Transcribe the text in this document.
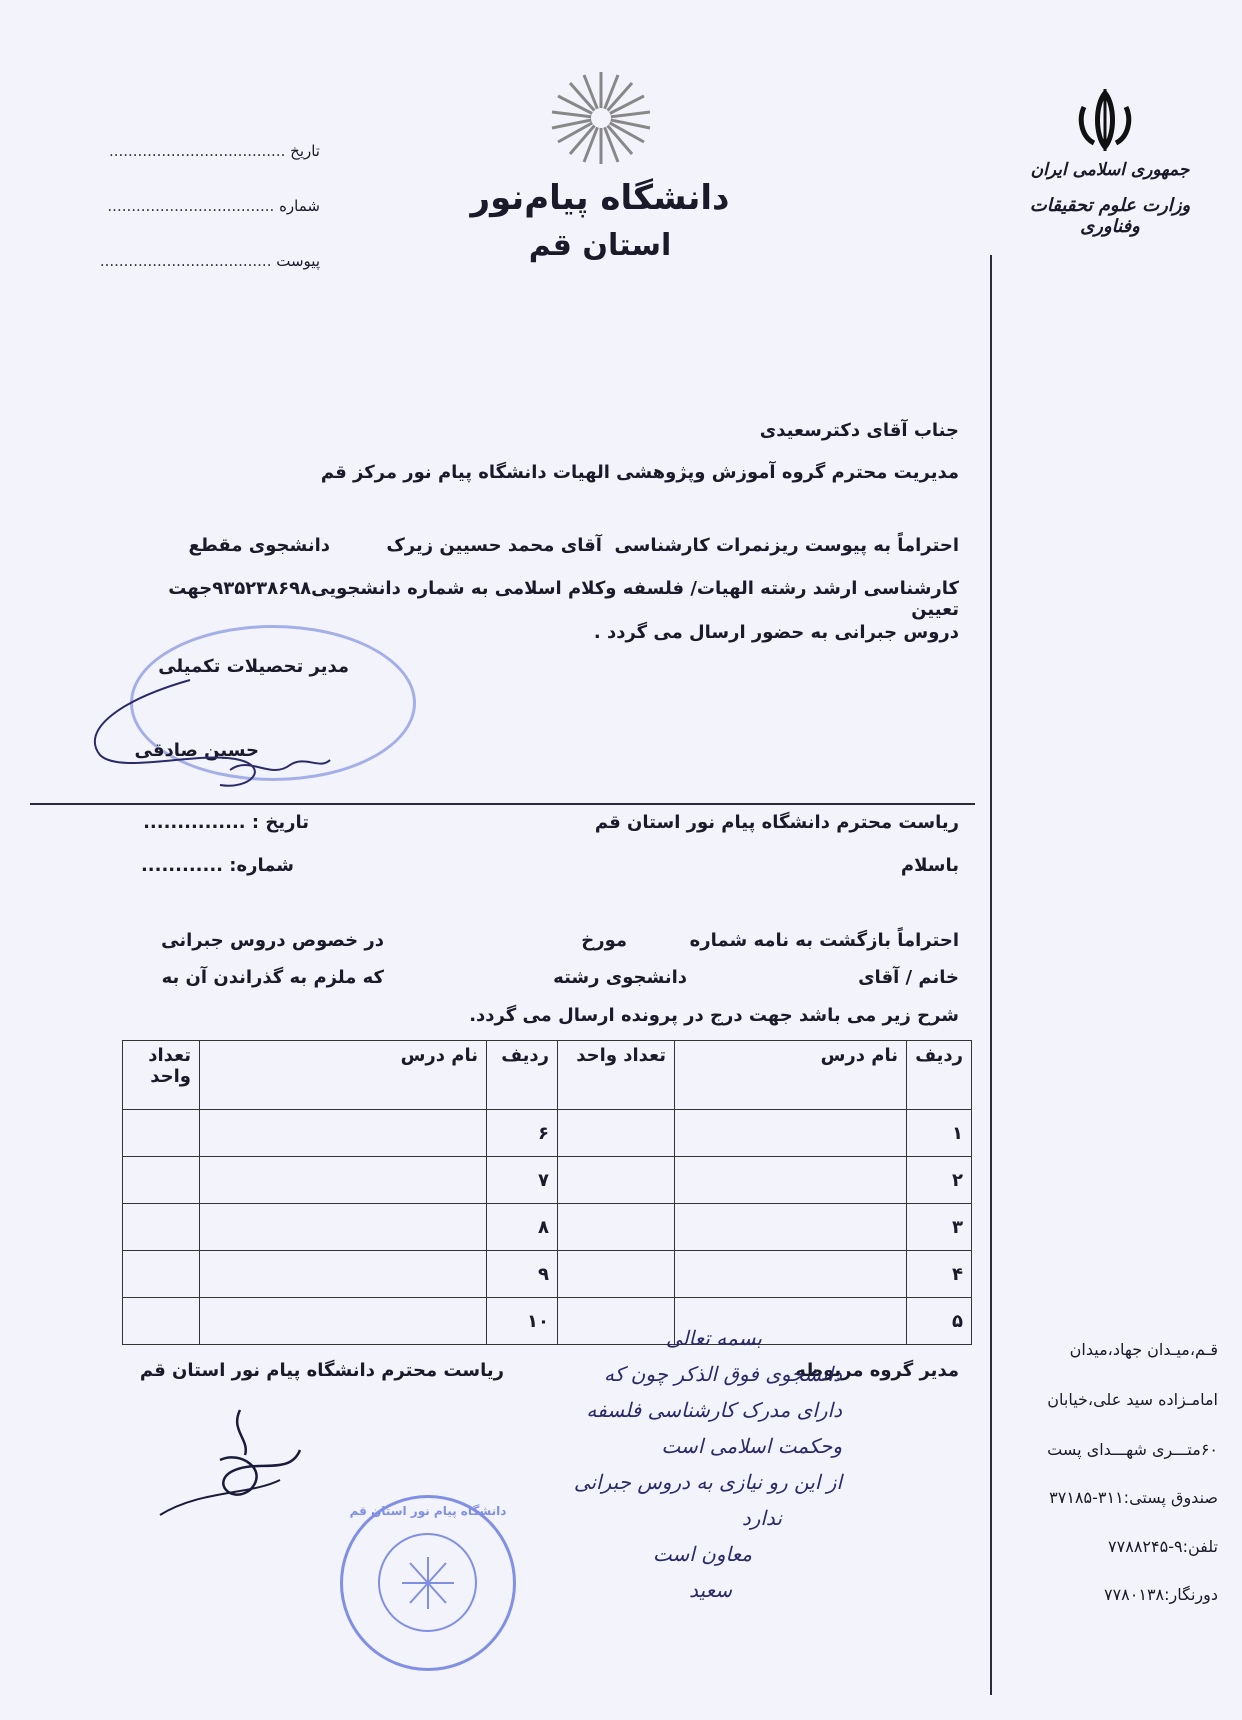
جمهوری اسلامی ایران
وزارت علوم تحقیقات وفناوری
دانشگاه پیام‌نور
استان قم
تاریخ .....................................
شماره ...................................
پیوست ....................................
جناب آقای دکترسعیدی
مدیریت محترم گروه آموزش وپژوهشی الهیات دانشگاه پیام نور مرکز قم
احتراماً به پیوست ریزنمرات کارشناسی  آقای محمد حسیین زیرک         دانشجوی مقطع
کارشناسی ارشد رشته الهیات/ فلسفه وکلام اسلامی به شماره دانشجویی۹۳۵۲۳۸۶۹۸جهت تعیین
دروس جبرانی به حضور ارسال می گردد .
مدیر تحصیلات تکمیلی
حسین صادقی
ریاست محترم دانشگاه پیام نور استان قم
تاریخ : ...............
باسلام
شماره: ............
احتراماً بازگشت به نامه شماره
مورخ
در خصوص دروس جبرانی
خانم / آقای
دانشجوی رشته
که ملزم به گذراندن آن به
شرح زیر می باشد جهت درج در پرونده ارسال می گردد.
ردیف	نام درس	تعداد واحد	ردیف	نام درس	تعداد واحد
۱			۶		
۲			۷		
۳			۸		
۴			۹		
۵			۱۰		
مدیر گروه مربوطه
ریاست محترم دانشگاه پیام نور استان قم
بسمه تعالی
دانشجوی فوق الذکر چون که
دارای مدرک کارشناسی فلسفه
وحکمت اسلامی است
از این رو نیازی به دروس جبرانی
ندارد
معاون است
سعید
دانشگاه پیام نور استان قم
قـم،میـدان جهاد،میدان
امامـزاده سید علی،خیابان
۶۰متـــری شهـــدای پست
صندوق پستی:۳۱۱-۳۷۱۸۵
تلفن:۹-۷۷۸۸۲۴۵
دورنگار:۷۷۸۰۱۳۸
